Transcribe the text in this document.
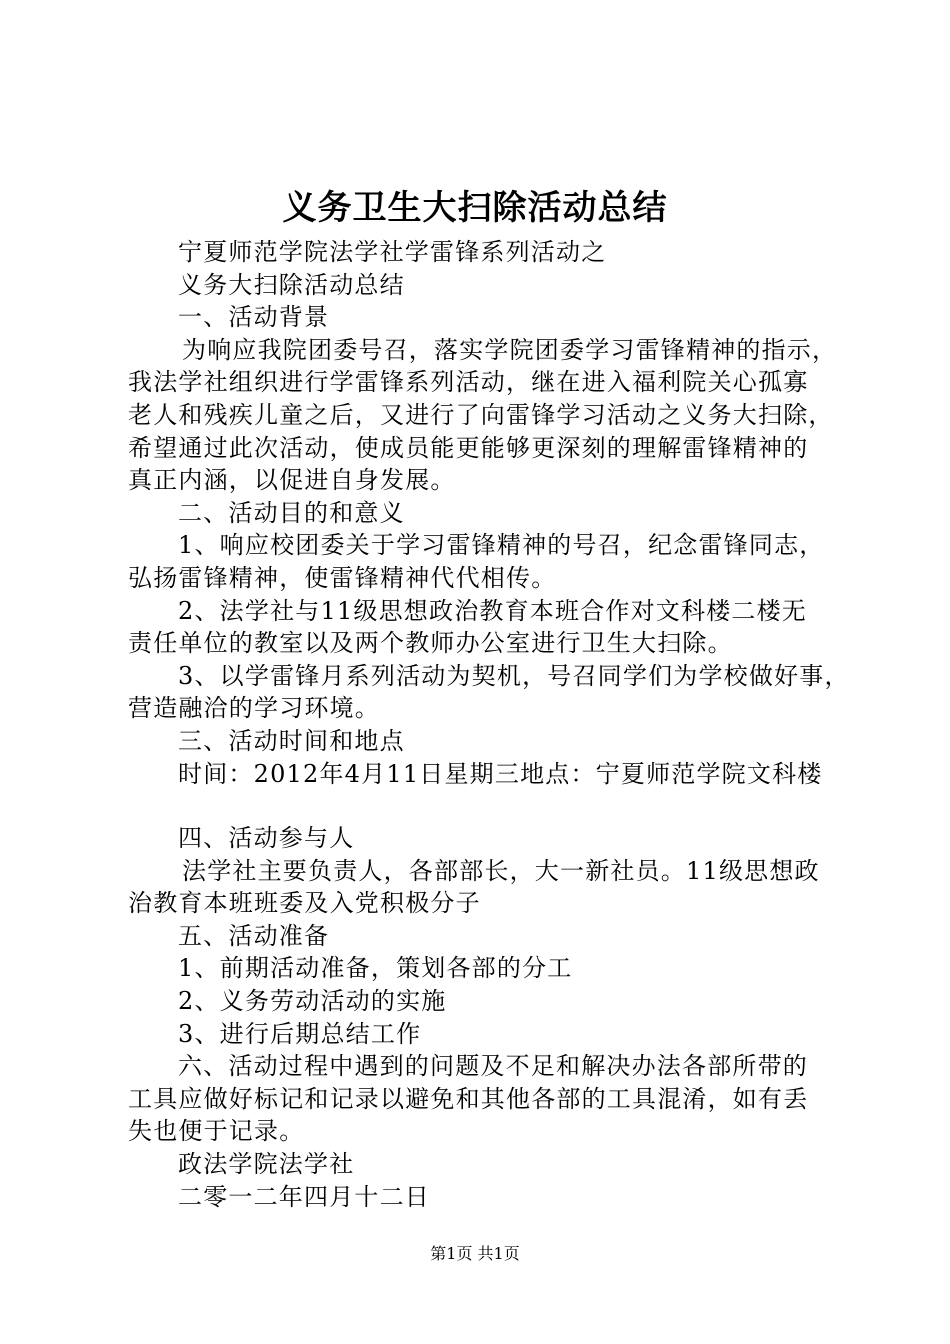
义务卫生大扫除活动总结

宁夏师范学院法学社学雷锋系列活动之

义务大扫除活动总结

一、活动背景

为响应我院团委号召，落实学院团委学习雷锋精神的指示，

我法学社组织进行学雷锋系列活动，继在进入福利院关心孤寡

老人和残疾儿童之后，又进行了向雷锋学习活动之义务大扫除，

希望通过此次活动，使成员能更能够更深刻的理解雷锋精神的

真正内涵，以促进自身发展。

二、活动目的和意义

1、响应校团委关于学习雷锋精神的号召，纪念雷锋同志，

弘扬雷锋精神，使雷锋精神代代相传。

2、法学社与11级思想政治教育本班合作对文科楼二楼无

责任单位的教室以及两个教师办公室进行卫生大扫除。

3、以学雷锋月系列活动为契机，号召同学们为学校做好事，

营造融洽的学习环境。

三、活动时间和地点

时间：2012年4月11日星期三地点：宁夏师范学院文科楼

四、活动参与人

法学社主要负责人，各部部长，大一新社员。11级思想政

治教育本班班委及入党积极分子

五、活动准备

1、前期活动准备，策划各部的分工

2、义务劳动活动的实施

3、进行后期总结工作

六、活动过程中遇到的问题及不足和解决办法各部所带的

工具应做好标记和记录以避免和其他各部的工具混淆，如有丢

失也便于记录。

政法学院法学社

二零一二年四月十二日

第1页 共1页
